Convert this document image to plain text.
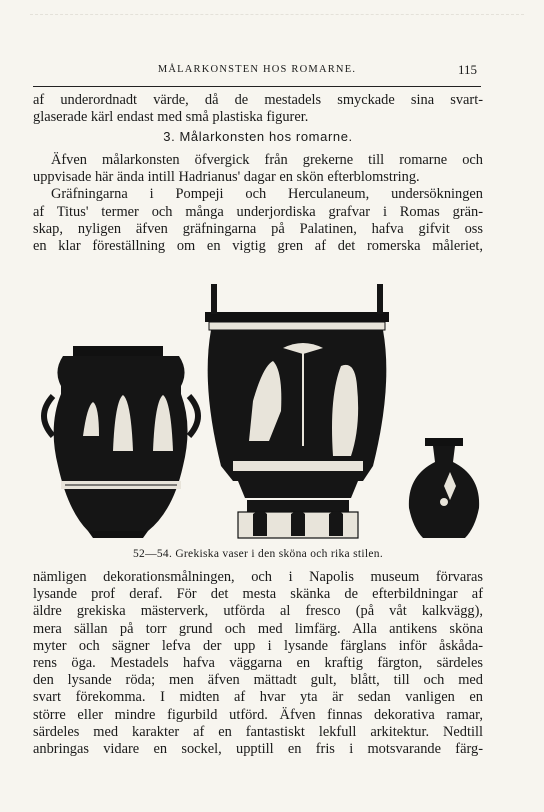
MÅLARKONSTEN HOS ROMARNE.	115
af underordnadt värde, då de mestadels smyckade sina svart-
glaserade kärl endast med små plastiska figurer.
3. Målarkonsten hos romarne.
Äfven målarkonsten öfvergick från grekerne till romarne och
uppvisade här ända intill Hadrianus' dagar en skön efterblomstring.
Gräfningarna i Pompeji och Herculaneum, undersökningen
af Titus' termer och många underjordiska grafvar i Romas grän-
skap, nyligen äfven gräfningarna på Palatinen, hafva gifvit oss
en klar föreställning om en vigtig gren af det romerska måleriet,
52—54. Grekiska vaser i den sköna och rika stilen.
nämligen dekorationsmålningen, och i Napolis museum förvaras
lysande prof deraf. För det mesta skänka de efterbildningar af
äldre grekiska mästerverk, utförda al fresco (på våt kalkvägg),
mera sällan på torr grund och med limfärg. Alla antikens sköna
myter och sägner lefva der upp i lysande färglans inför åskåda-
rens öga. Mestadels hafva väggarna en kraftig färgton, särdeles
den lysande röda; men äfven mättadt gult, blått, till och med
svart förekomma. I midten af hvar yta är sedan vanligen en
större eller mindre figurbild utförd. Äfven finnas dekorativa ramar,
särdeles med karakter af en fantastiskt lekfull arkitektur. Nedtill
anbringas vidare en sockel, upptill en fris i motsvarande färg-
